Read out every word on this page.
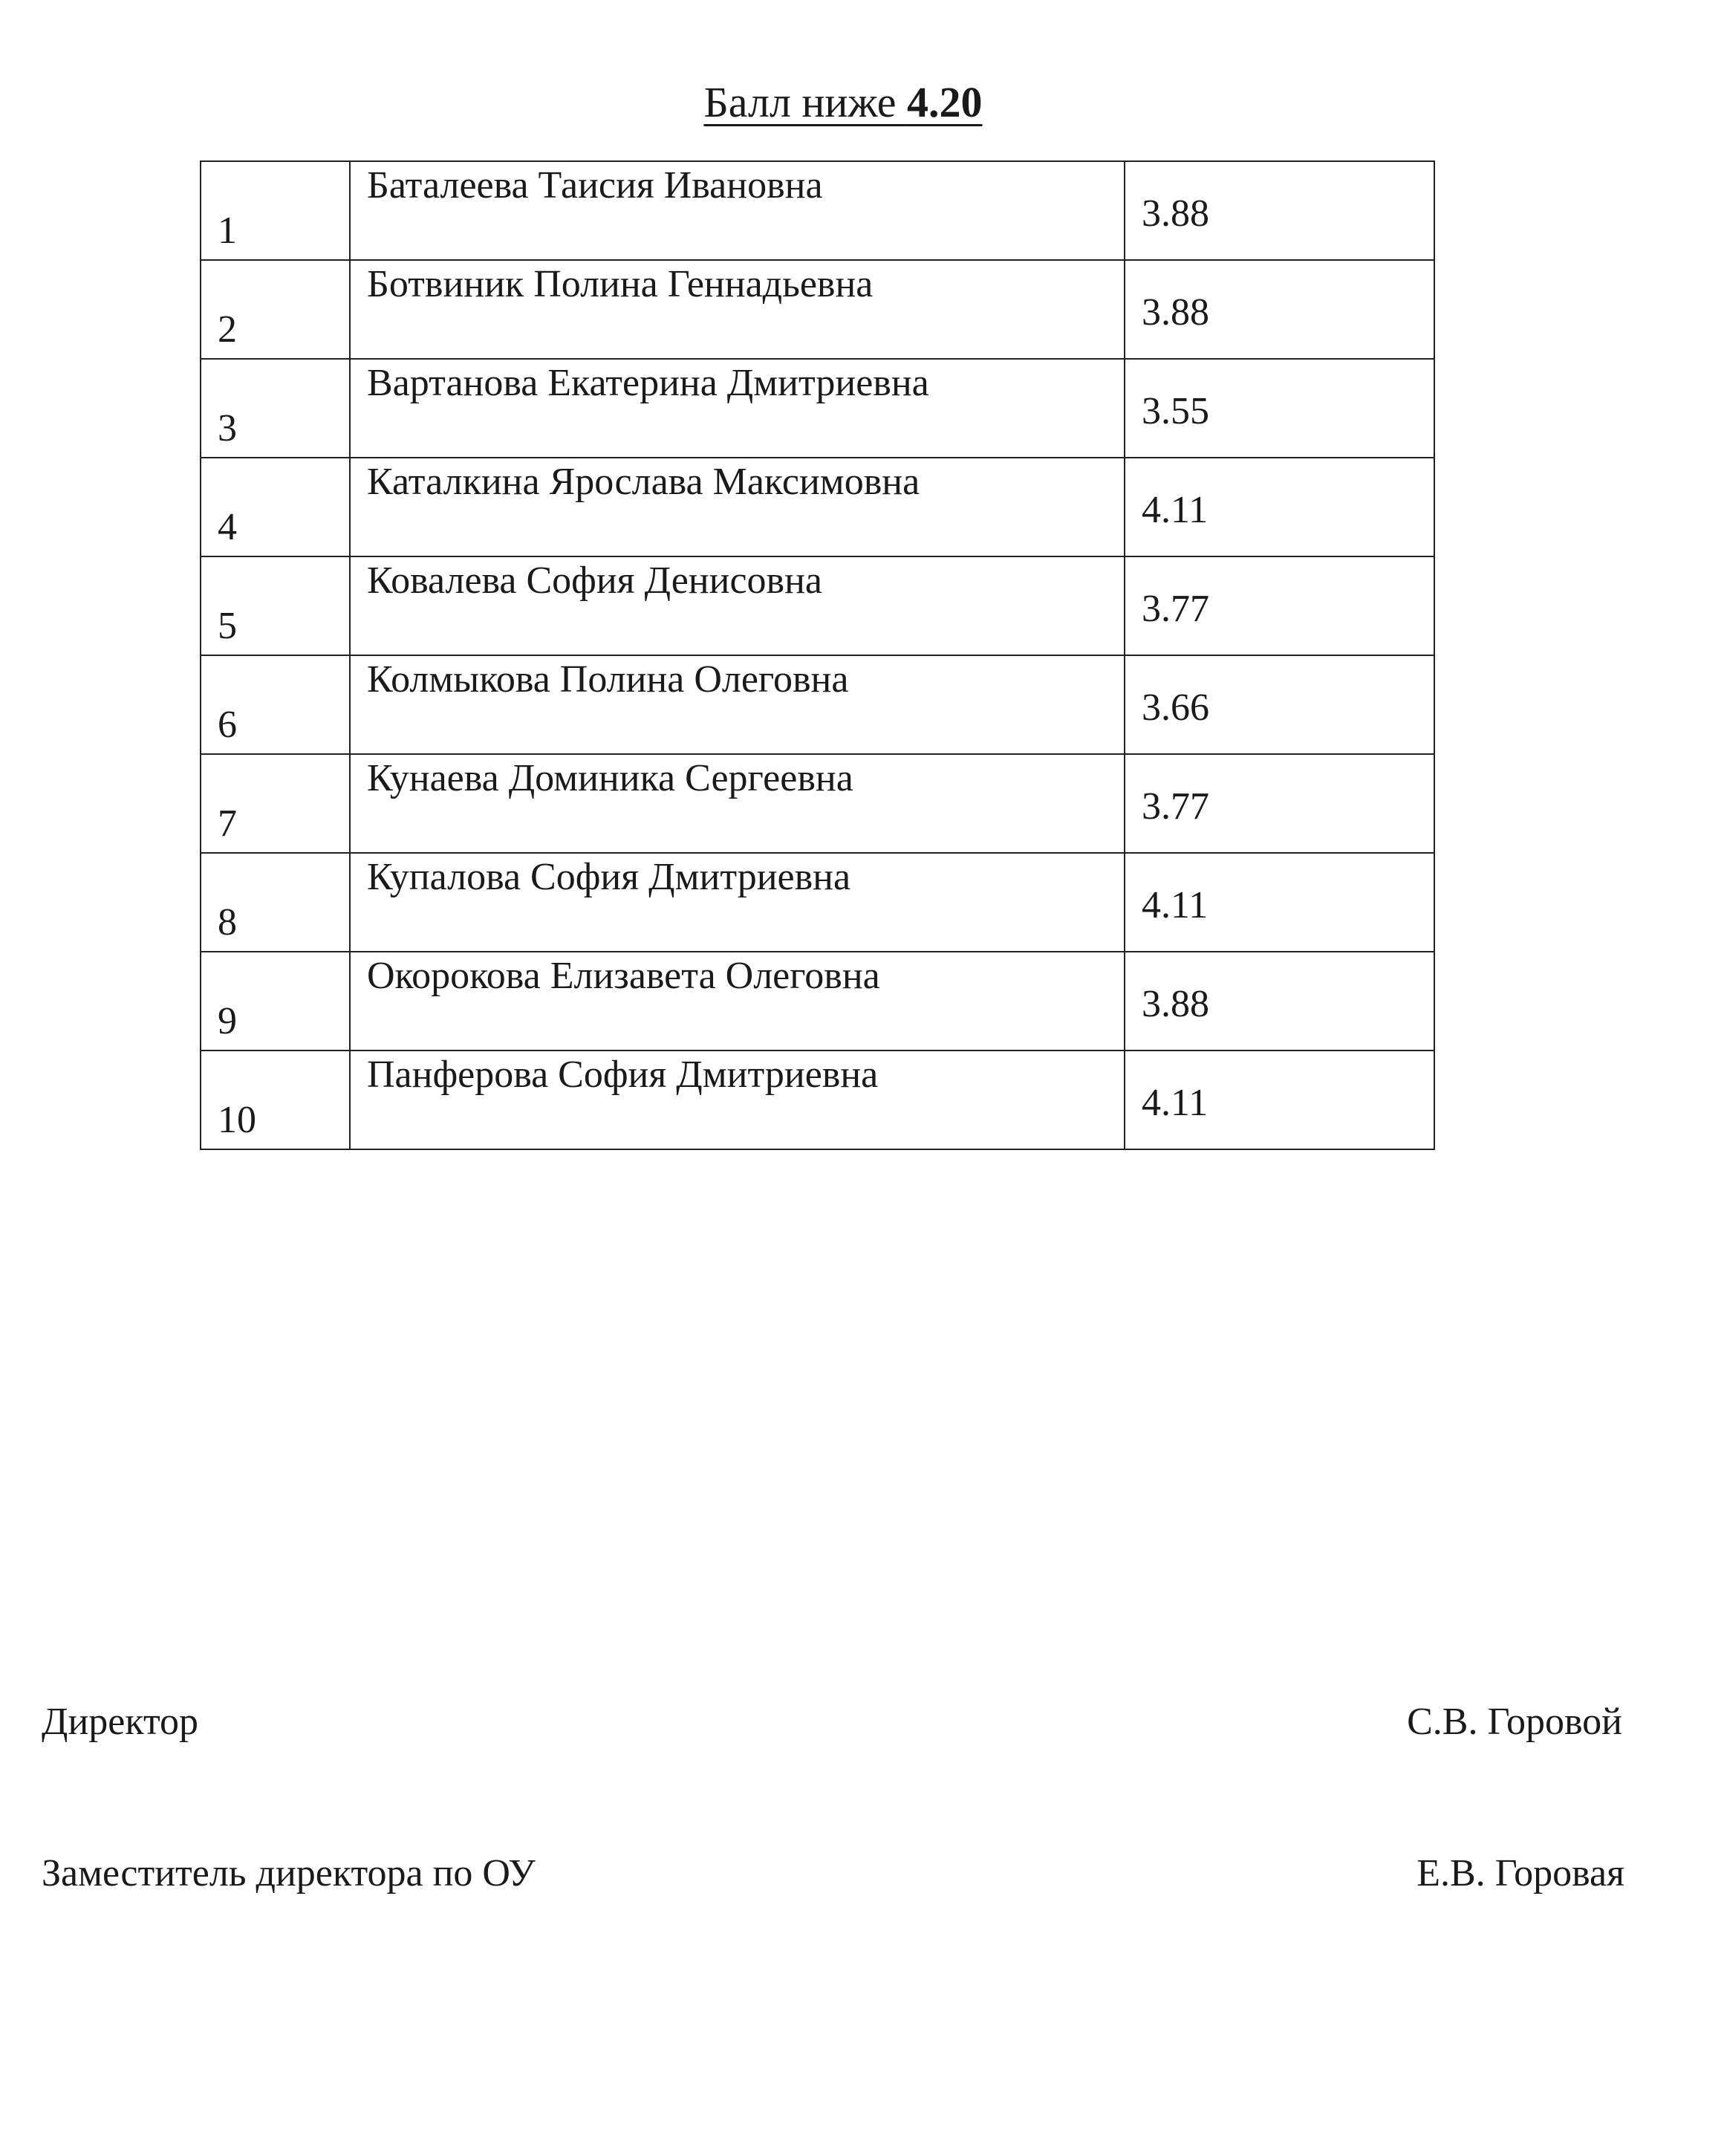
Балл ниже 4.20
1	Баталеева Таисия Ивановна	3.88

2	Ботвиник Полина Геннадьевна	3.88

3	Вартанова Екатерина Дмитриевна	3.55

4	Каталкина Ярослава Максимовна	4.11

5	Ковалева София Денисовна	3.77

6	Колмыкова Полина Олеговна	3.66

7	Кунаева Доминика Сергеевна	3.77

8	Купалова София Дмитриевна	4.11

9	Окорокова Елизавета Олеговна	3.88

10	Панферова София Дмитриевна	4.11
Директор	С.В. Горовой
Заместитель директора по ОУ	Е.В. Горовая
